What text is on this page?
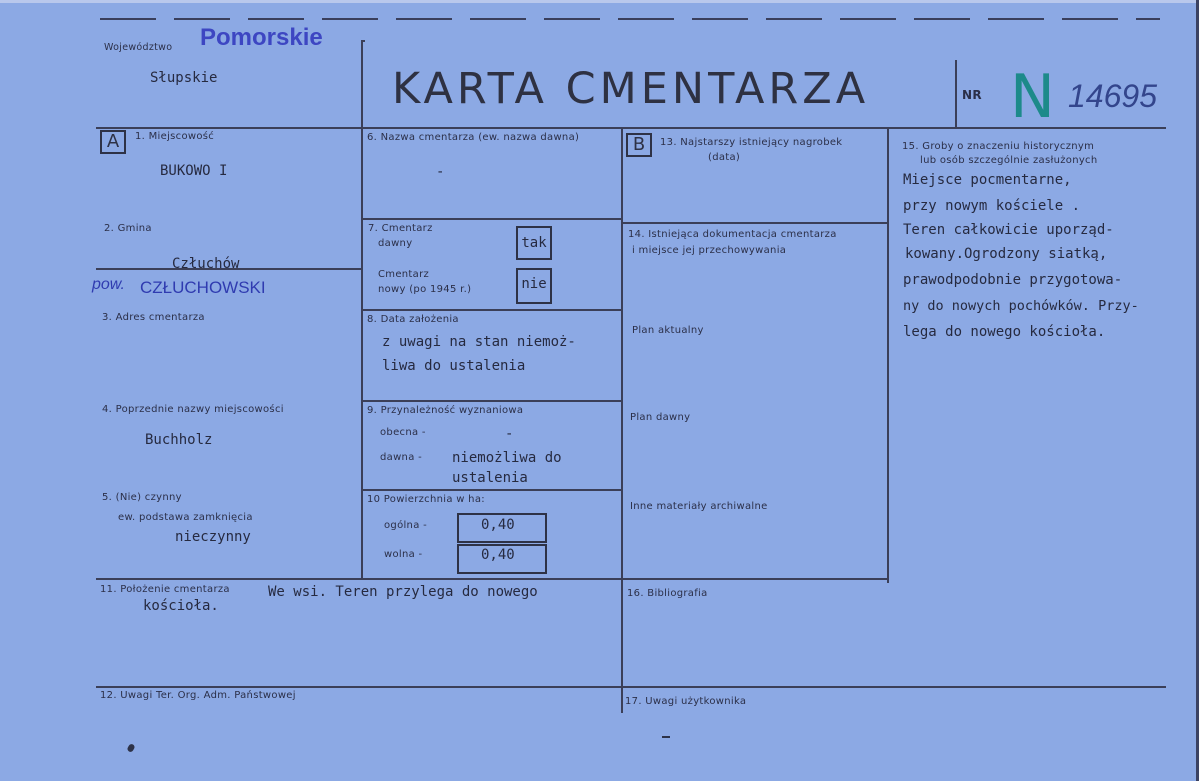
Województwo Pomorskie
Słupskie	KARTA CMENTARZA	NR N 14695
A	B
1. Miejscowość
BUKOWO I
2. Gmina
Człuchów
pow. CZŁUCHOWSKI
3. Adres cmentarza
4. Poprzednie nazwy miejscowości
Buchholz
5. (Nie) czynny
ew. podstawa zamknięcia
nieczynny
6. Nazwa cmentarza (ew. nazwa dawna)
-
7. Cmentarz
dawny	tak
Cmentarz
nowy (po 1945 r.)	nie
8. Data założenia
z uwagi na stan niemoż-
liwa do ustalenia
9. Przynależność wyznaniowa
obecna -	-
dawna - niemożliwa do
ustalenia
10 Powierzchnia w ha:
ogólna -	0,40
wolna -	0,40
11. Położenie cmentarza	We wsi. Teren przylega do nowego
kościoła.
12. Uwagi Ter. Org. Adm. Państwowej
13. Najstarszy istniejący nagrobek
(data)
14. Istniejąca dokumentacja cmentarza
i miejsce jej przechowywania
Plan aktualny
Plan dawny
Inne materiały archiwalne
15. Groby o znaczeniu historycznym
lub osób szczególnie zasłużonych
Miejsce pocmentarne,
przy nowym kościele .
Teren całkowicie uporząd-
kowany.Ogrodzony siatką,
prawodpodobnie przygotowa-
ny do nowych pochówków. Przy-
lega do nowego kościoła.
16. Bibliografia
17. Uwagi użytkownika
